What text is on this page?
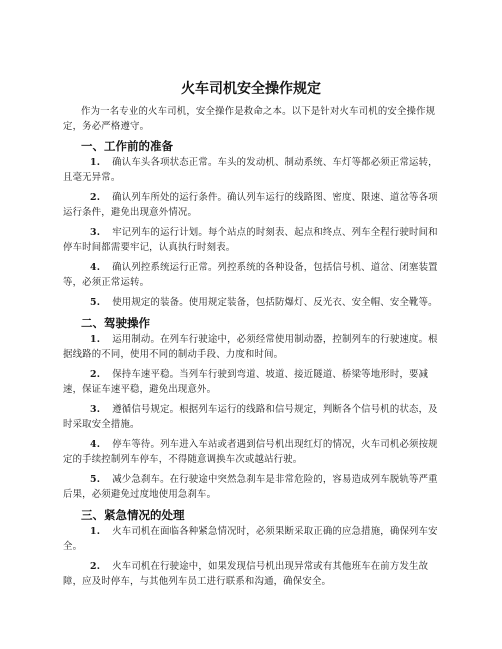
火车司机安全操作规定

作为一名专业的火车司机，安全操作是救命之本。以下是针对火车司机的安全操作规定，务必严格遵守。

一、工作前的准备

1. 确认车头各项状态正常。车头的发动机、制动系统、车灯等都必须正常运转，且毫无异常。

2. 确认列车所处的运行条件。确认列车运行的线路图、密度、限速、道岔等各项运行条件，避免出现意外情况。

3. 牢记列车的运行计划。每个站点的时刻表、起点和终点、列车全程行驶时间和停车时间都需要牢记，认真执行时刻表。

4. 确认列控系统运行正常。列控系统的各种设备，包括信号机、道岔、闭塞装置等，必须正常运转。

5. 使用规定的装备。使用规定装备，包括防爆灯、反光衣、安全帽、安全靴等。

二、驾驶操作

1. 运用制动。在列车行驶途中，必须经常使用制动器，控制列车的行驶速度。根据线路的不同，使用不同的制动手段、力度和时间。

2. 保持车速平稳。当列车行驶到弯道、坡道、接近隧道、桥梁等地形时，要减速，保证车速平稳，避免出现意外。

3. 遵循信号规定。根据列车运行的线路和信号规定，判断各个信号机的状态，及时采取安全措施。

4. 停车等待。列车进入车站或者遇到信号机出现红灯的情况，火车司机必须按规定的手续控制列车停车，不得随意调换车次或越站行驶。

5. 减少急刹车。在行驶途中突然急刹车是非常危险的，容易造成列车脱轨等严重后果，必须避免过度地使用急刹车。

三、紧急情况的处理

1. 火车司机在面临各种紧急情况时，必须果断采取正确的应急措施，确保列车安全。

2. 火车司机在行驶途中，如果发现信号机出现异常或有其他班车在前方发生故障，应及时停车，与其他列车员工进行联系和沟通，确保安全。
